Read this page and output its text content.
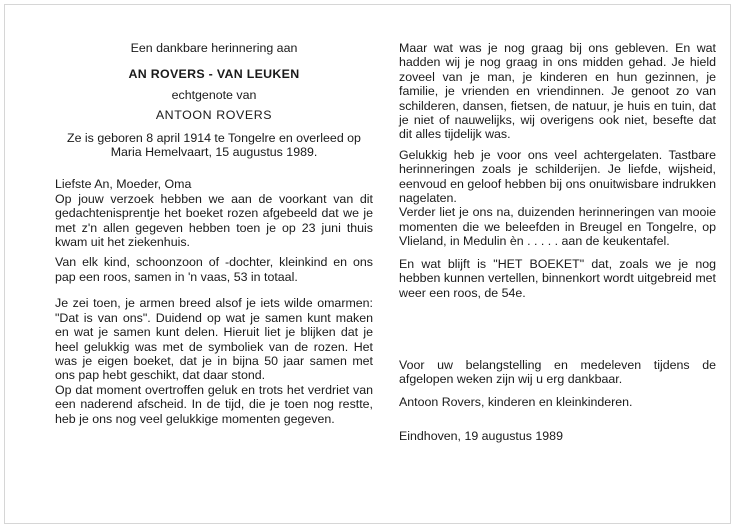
Een dankbare herinnering aan

AN ROVERS - VAN LEUKEN

echtgenote van

ANTOON ROVERS

Ze is geboren 8 april 1914 te Tongelre en overleed op Maria Hemelvaart, 15 augustus 1989.

Liefste An, Moeder, Oma

Op jouw verzoek hebben we aan de voorkant van dit gedachtenisprentje het boeket rozen afgebeeld dat we je met z'n allen gegeven hebben toen je op 23 juni thuis kwam uit het ziekenhuis.

Van elk kind, schoonzoon of -dochter, kleinkind en ons pap een roos, samen in 'n vaas, 53 in totaal.

Je zei toen, je armen breed alsof je iets wilde omarmen: "Dat is van ons". Duidend op wat je samen kunt maken en wat je samen kunt delen. Hieruit liet je blijken dat je heel gelukkig was met de symboliek van de rozen. Het was je eigen boeket, dat je in bijna 50 jaar samen met ons pap hebt geschikt, dat daar stond.

Op dat moment overtroffen geluk en trots het verdriet van een naderend afscheid. In de tijd, die je toen nog restte, heb je ons nog veel gelukkige momenten gegeven.

Maar wat was je nog graag bij ons gebleven. En wat hadden wij je nog graag in ons midden gehad. Je hield zoveel van je man, je kinderen en hun gezinnen, je familie, je vrienden en vriendinnen. Je genoot zo van schilderen, dansen, fietsen, de natuur, je huis en tuin, dat je niet of nauwelijks, wij overigens ook niet, besefte dat dit alles tijdelijk was.

Gelukkig heb je voor ons veel achtergelaten. Tastbare herinneringen zoals je schilderijen. Je liefde, wijsheid, eenvoud en geloof hebben bij ons onuitwisbare indrukken nagelaten.

Verder liet je ons na, duizenden herinneringen van mooie momenten die we beleefden in Breugel en Tongelre, op Vlieland, in Medulin èn . . . . . aan de keukentafel.

En wat blijft is "HET BOEKET" dat, zoals we je nog hebben kunnen vertellen, binnenkort wordt uitgebreid met weer een roos, de 54e.

Voor uw belangstelling en medeleven tijdens de afgelopen weken zijn wij u erg dankbaar.

Antoon Rovers, kinderen en kleinkinderen.

Eindhoven, 19 augustus 1989
